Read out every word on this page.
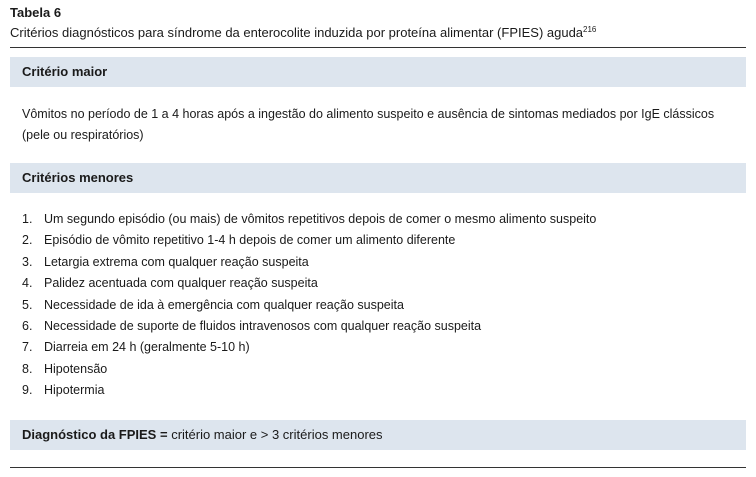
Tabela 6
Critérios diagnósticos para síndrome da enterocolite induzida por proteína alimentar (FPIES) aguda$^{216}$
Critério maior
Vômitos no período de 1 a 4 horas após a ingestão do alimento suspeito e ausência de sintomas mediados por IgE clássicos (pele ou respiratórios)
Critérios menores
1. Um segundo episódio (ou mais) de vômitos repetitivos depois de comer o mesmo alimento suspeito
2. Episódio de vômito repetitivo 1-4 h depois de comer um alimento diferente
3. Letargia extrema com qualquer reação suspeita
4. Palidez acentuada com qualquer reação suspeita
5. Necessidade de ida à emergência com qualquer reação suspeita
6. Necessidade de suporte de fluidos intravenosos com qualquer reação suspeita
7. Diarreia em 24 h (geralmente 5-10 h)
8. Hipotensão
9. Hipotermia
Diagnóstico da FPIES = critério maior e > 3 critérios menores
